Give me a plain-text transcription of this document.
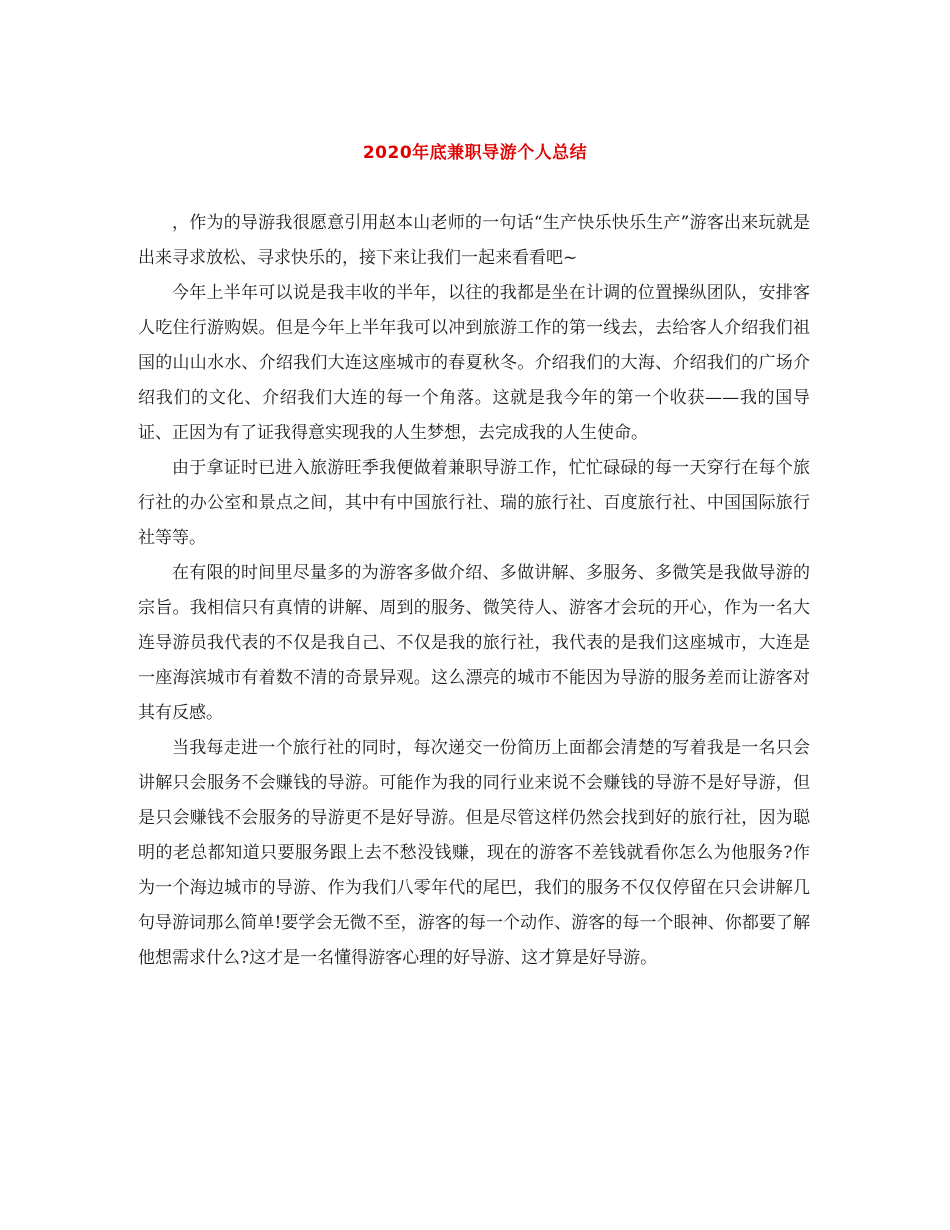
2020年底兼职导游个人总结

，作为的导游我很愿意引用赵本山老师的一句话“生产快乐快乐生产”游客出来玩就是出来寻求放松、寻求快乐的，接下来让我们一起来看看吧~

今年上半年可以说是我丰收的半年，以往的我都是坐在计调的位置操纵团队，安排客人吃住行游购娱。但是今年上半年我可以冲到旅游工作的第一线去，去给客人介绍我们祖国的山山水水、介绍我们大连这座城市的春夏秋冬。介绍我们的大海、介绍我们的广场介绍我们的文化、介绍我们大连的每一个角落。这就是我今年的第一个收获——我的国导证、正因为有了证我得意实现我的人生梦想，去完成我的人生使命。

由于拿证时已进入旅游旺季我便做着兼职导游工作，忙忙碌碌的每一天穿行在每个旅行社的办公室和景点之间，其中有中国旅行社、瑞的旅行社、百度旅行社、中国国际旅行社等等。

在有限的时间里尽量多的为游客多做介绍、多做讲解、多服务、多微笑是我做导游的宗旨。我相信只有真情的讲解、周到的服务、微笑待人、游客才会玩的开心，作为一名大连导游员我代表的不仅是我自己、不仅是我的旅行社，我代表的是我们这座城市，大连是一座海滨城市有着数不清的奇景异观。这么漂亮的城市不能因为导游的服务差而让游客对其有反感。

当我每走进一个旅行社的同时，每次递交一份简历上面都会清楚的写着我是一名只会讲解只会服务不会赚钱的导游。可能作为我的同行业来说不会赚钱的导游不是好导游，但是只会赚钱不会服务的导游更不是好导游。但是尽管这样仍然会找到好的旅行社，因为聪明的老总都知道只要服务跟上去不愁没钱赚，现在的游客不差钱就看你怎么为他服务?作为一个海边城市的导游、作为我们八零年代的尾巴，我们的服务不仅仅停留在只会讲解几句导游词那么简单!要学会无微不至，游客的每一个动作、游客的每一个眼神、你都要了解他想需求什么?这才是一名懂得游客心理的好导游、这才算是好导游。
